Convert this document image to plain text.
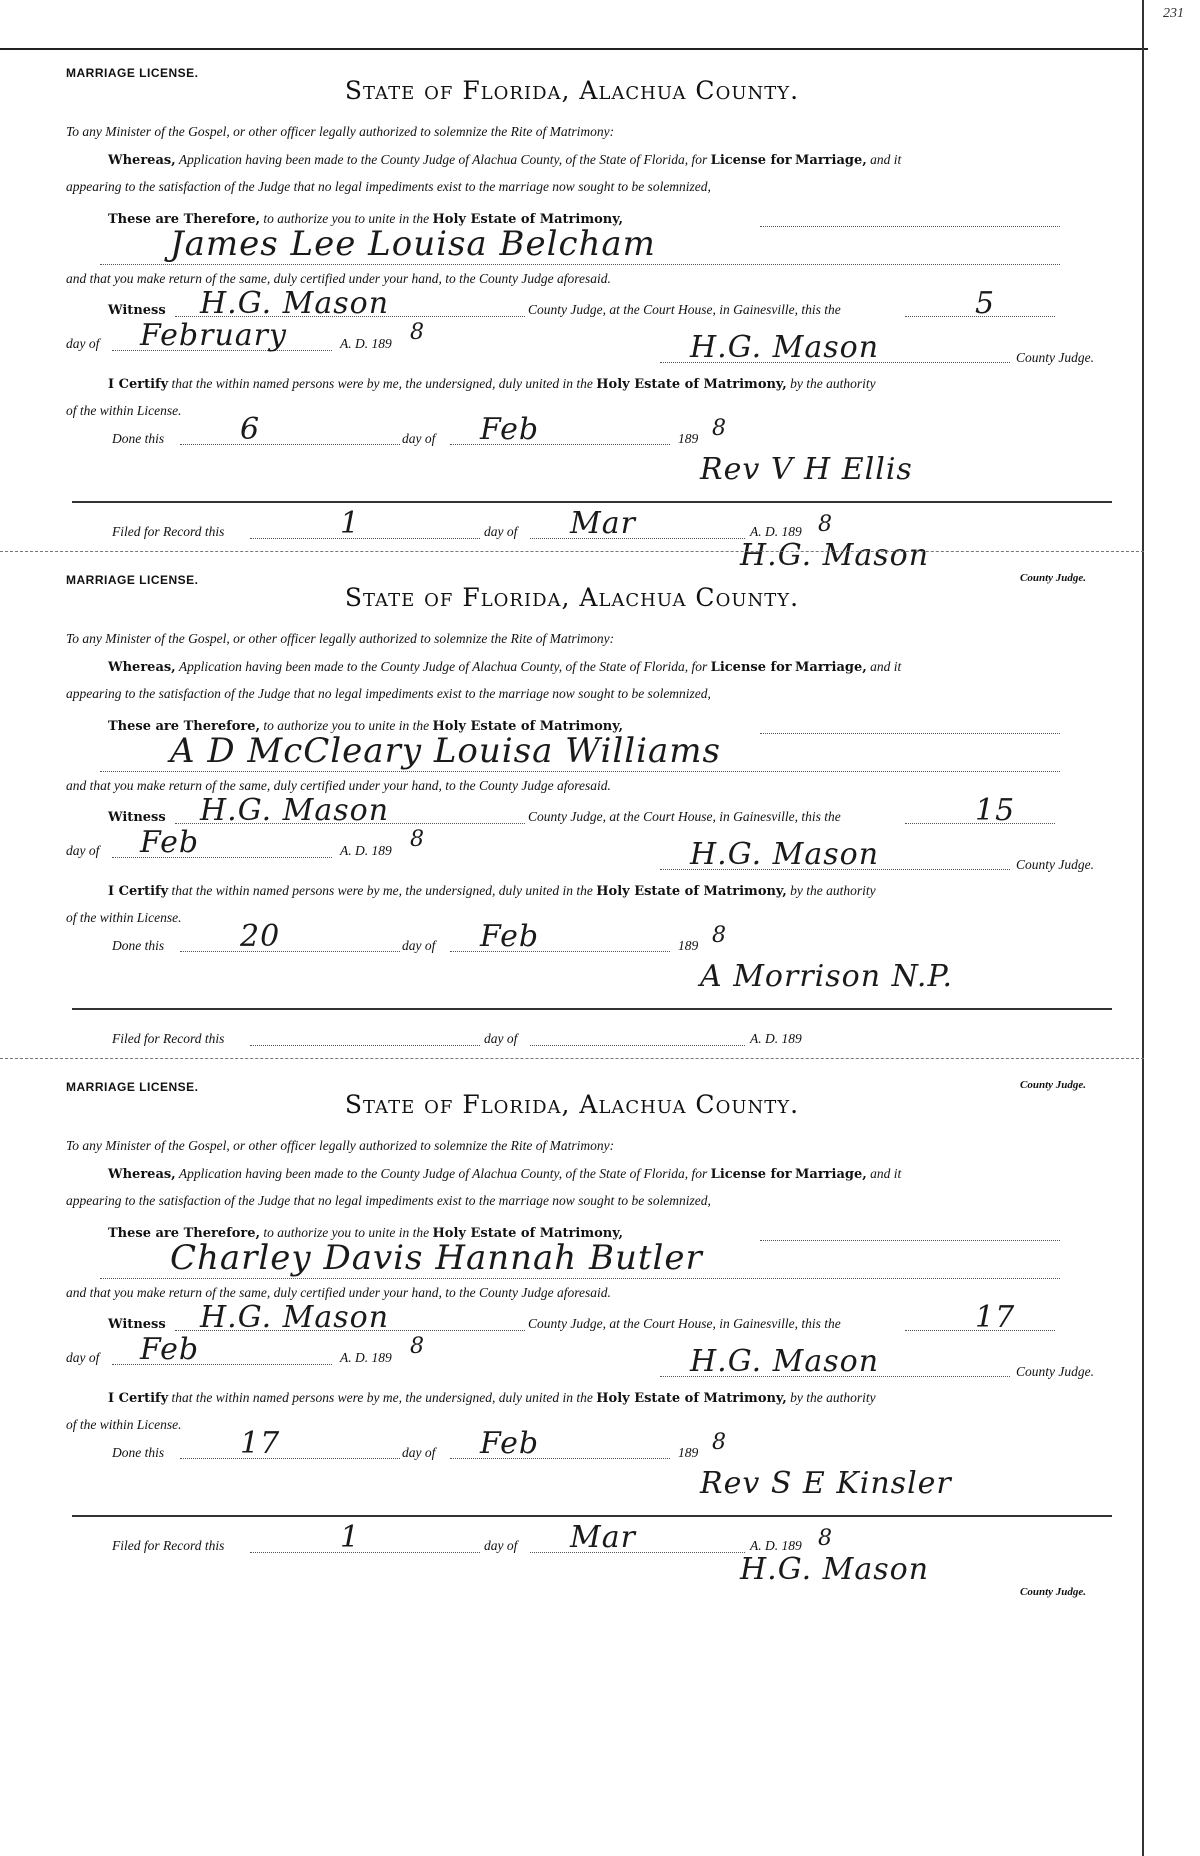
231
MARRIAGE LICENSE.
State of Florida, Alachua County.
To any Minister of the Gospel, or other officer legally authorized to solemnize the Rite of Matrimony:
Whereas, Application having been made to the County Judge of Alachua County, of the State of Florida, for License for Marriage, and it
appearing to the satisfaction of the Judge that no legal impediments exist to the marriage now sought to be solemnized,
These are Therefore, to authorize you to unite in the Holy Estate of Matrimony,
James Lee Louisa Belcham
and that you make return of the same, duly certified under your hand, to the County Judge aforesaid.
Witness H.G. Mason	County Judge, at the Court House, in Gainesville, this the	5
day of February	A. D. 189 8	H.G. Mason	County Judge.
I Certify that the within named persons were by me, the undersigned, duly united in the Holy Estate of Matrimony, by the authority
of the within License.
Done this	6	day of Feb	189 8
Rev V H Ellis
Filed for Record this	1	day of Mar	A. D. 189 8
H.G. Mason
County Judge.
MARRIAGE LICENSE.
State of Florida, Alachua County.
To any Minister of the Gospel, or other officer legally authorized to solemnize the Rite of Matrimony:
Whereas, Application having been made to the County Judge of Alachua County, of the State of Florida, for License for Marriage, and it
appearing to the satisfaction of the Judge that no legal impediments exist to the marriage now sought to be solemnized,
These are Therefore, to authorize you to unite in the Holy Estate of Matrimony,
A D McCleary Louisa Williams
and that you make return of the same, duly certified under your hand, to the County Judge aforesaid.
Witness H.G. Mason	County Judge, at the Court House, in Gainesville, this the	15
day of Feb	A. D. 189 8	H.G. Mason	County Judge.
I Certify that the within named persons were by me, the undersigned, duly united in the Holy Estate of Matrimony, by the authority
of the within License.
Done this	20	day of Feb	189 8
A Morrison N.P.
Filed for Record this	day of	A. D. 189
County Judge.
MARRIAGE LICENSE.
State of Florida, Alachua County.
To any Minister of the Gospel, or other officer legally authorized to solemnize the Rite of Matrimony:
Whereas, Application having been made to the County Judge of Alachua County, of the State of Florida, for License for Marriage, and it
appearing to the satisfaction of the Judge that no legal impediments exist to the marriage now sought to be solemnized,
These are Therefore, to authorize you to unite in the Holy Estate of Matrimony,
Charley Davis Hannah Butler
and that you make return of the same, duly certified under your hand, to the County Judge aforesaid.
Witness H.G. Mason	County Judge, at the Court House, in Gainesville, this the	17
day of Feb	A. D. 189 8	H.G. Mason	County Judge.
I Certify that the within named persons were by me, the undersigned, duly united in the Holy Estate of Matrimony, by the authority
of the within License.
Done this	17	day of Feb	189 8
Rev S E Kinsler
Filed for Record this	1	day of Mar	A. D. 189 8
H.G. Mason
County Judge.
